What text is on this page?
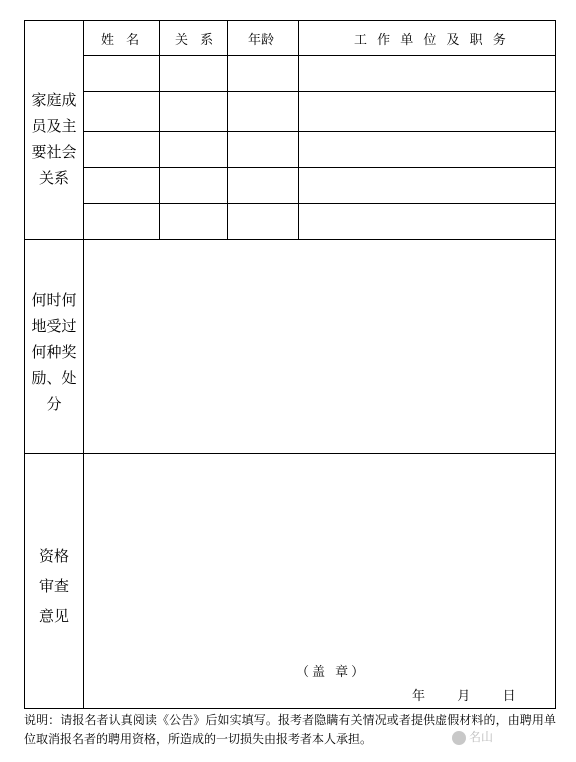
姓 名 关 系 年龄	工 作 单 位 及 职 务
家庭成
员及主
要社会
关系
何时何
地受过
何种奖
励、处
分
资格
审查
意见
（盖 章）
年 月 日
说明：请报名者认真阅读《公告》后如实填写。报考者隐瞒有关情况或者提供虚假材料的，由聘用单位取消报名者的聘用资格，所造成的一切损失由报考者本人承担。	名山
